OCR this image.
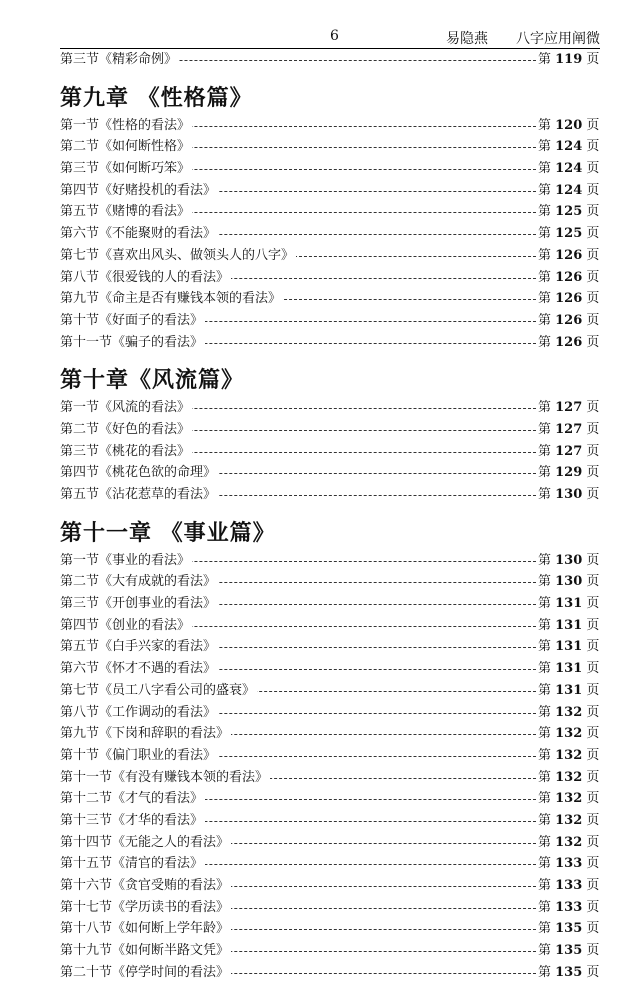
6	易隐燕　　八字应用阐微
第三节《精彩命例》	第 119 页
第九章 《性格篇》
第一节《性格的看法》	第 120 页
第二节《如何断性格》	第 124 页
第三节《如何断巧笨》	第 124 页
第四节《好赌投机的看法》	第 124 页
第五节《赌博的看法》	第 125 页
第六节《不能聚财的看法》	第 125 页
第七节《喜欢出风头、做领头人的八字》	第 126 页
第八节《很爱钱的人的看法》	第 126 页
第九节《命主是否有赚钱本领的看法》	第 126 页
第十节《好面子的看法》	第 126 页
第十一节《骗子的看法》	第 126 页
第十章《风流篇》
第一节《风流的看法》	第 127 页
第二节《好色的看法》	第 127 页
第三节《桃花的看法》	第 127 页
第四节《桃花色欲的命理》	第 129 页
第五节《沾花惹草的看法》	第 130 页
第十一章 《事业篇》
第一节《事业的看法》	第 130 页
第二节《大有成就的看法》	第 130 页
第三节《开创事业的看法》	第 131 页
第四节《创业的看法》	第 131 页
第五节《白手兴家的看法》	第 131 页
第六节《怀才不遇的看法》	第 131 页
第七节《员工八字看公司的盛衰》	第 131 页
第八节《工作调动的看法》	第 132 页
第九节《下岗和辞职的看法》	第 132 页
第十节《偏门职业的看法》	第 132 页
第十一节《有没有赚钱本领的看法》	第 132 页
第十二节《才气的看法》	第 132 页
第十三节《才华的看法》	第 132 页
第十四节《无能之人的看法》	第 132 页
第十五节《清官的看法》	第 133 页
第十六节《贪官受贿的看法》	第 133 页
第十七节《学历读书的看法》	第 133 页
第十八节《如何断上学年龄》	第 135 页
第十九节《如何断半路文凭》	第 135 页
第二十节《停学时间的看法》	第 135 页
